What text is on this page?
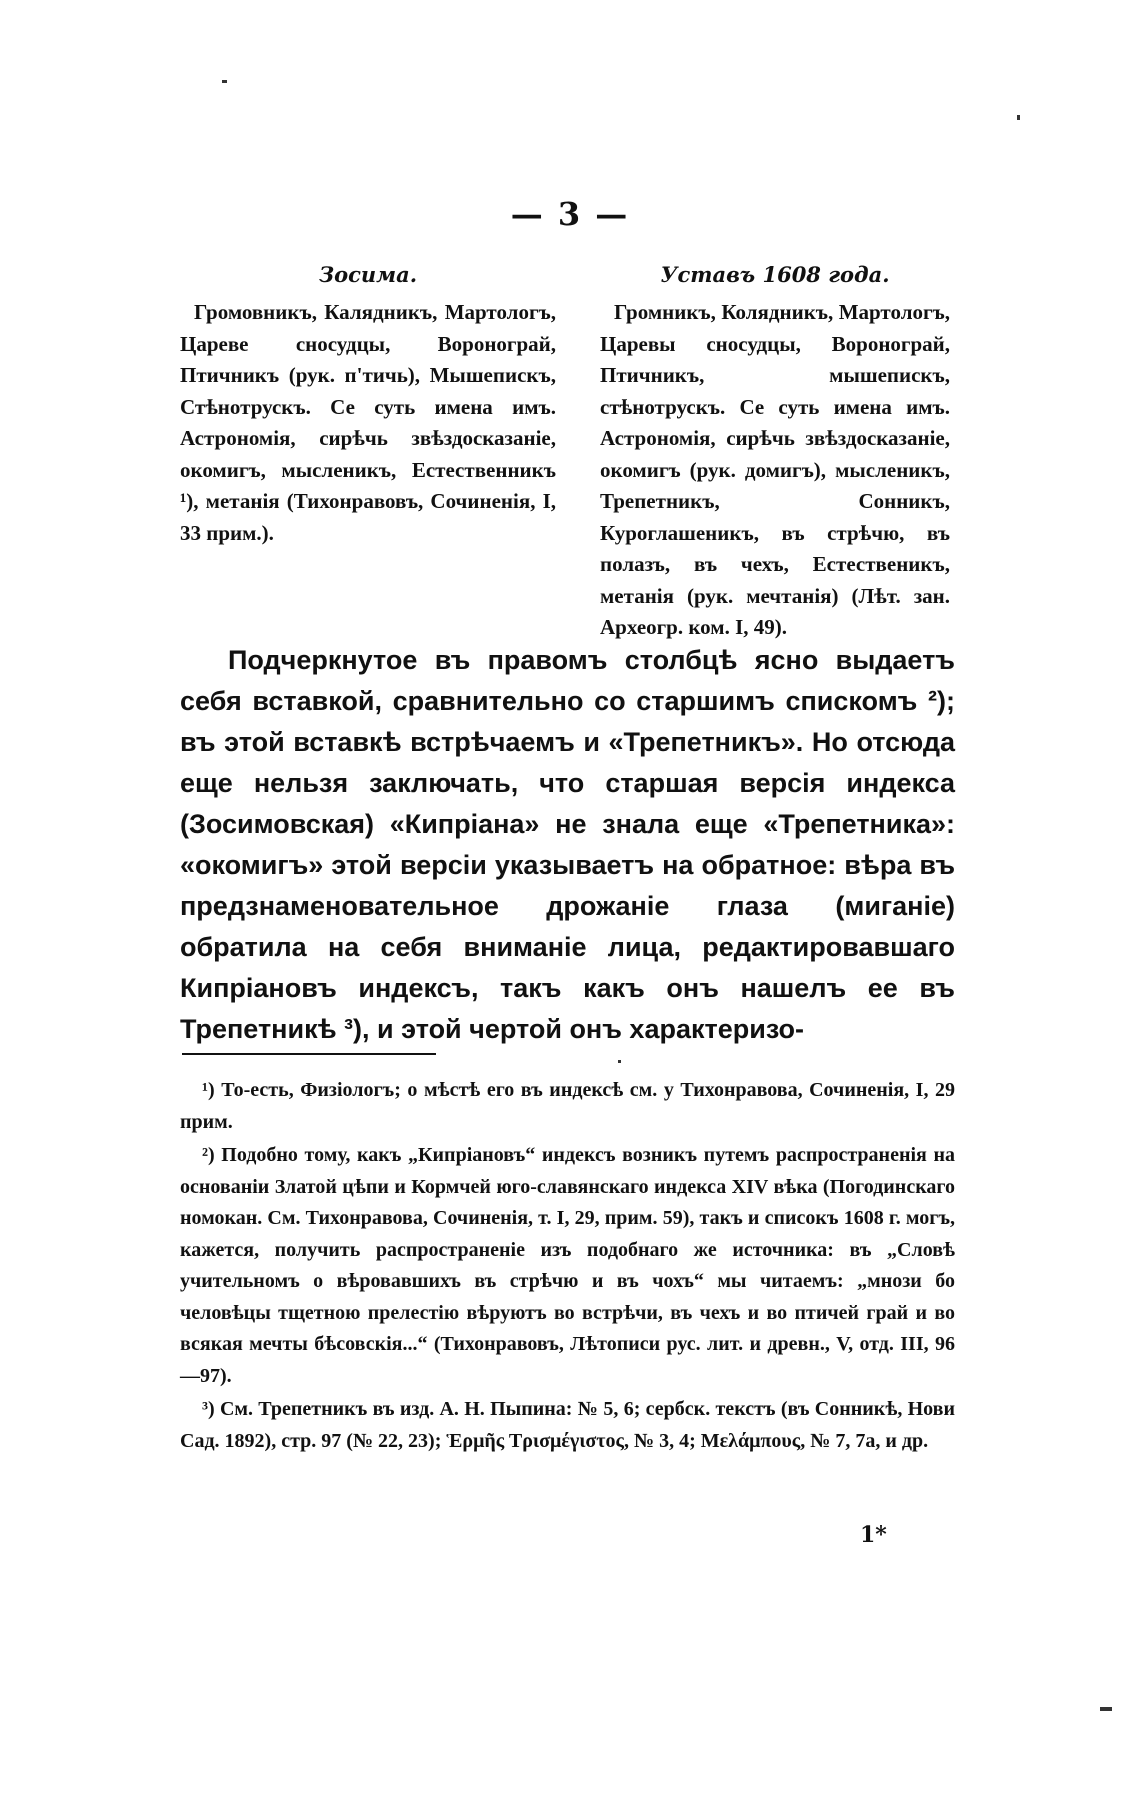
— 3 —
Зосима.
Громовникъ, Калядникъ, Мартологъ, Цареве сносудцы, Воронограй, Птичникъ (рук. п'тичь), Мышепискъ, Стѣнотрускъ. Се суть имена имъ. Астрономія, сирѣчь звѣздосказаніе, окомигъ, мысленикъ, Естественникъ ¹), метанія (Тихонравовъ, Сочиненія, I, 33 прим.).
Уставъ 1608 года.
Громникъ, Колядникъ, Мартологъ, Царевы сносудцы, Воронограй, Птичникъ, мышепискъ, стѣнотрускъ. Се суть имена имъ. Астрономія, сирѣчь звѣздосказаніе, окомигъ (рук. домигъ), мысленикъ, Трепетникъ, Сонникъ, Куроглашеникъ, въ стрѣчю, въ полазъ, въ чехъ, Естественикъ, метанія (рук. мечтанія) (Лѣт. зан. Археогр. ком. I, 49).
Подчеркнутое въ правомъ столбцѣ ясно выдаетъ себя вставкой, сравнительно со старшимъ спискомъ ²); въ этой вставкѣ встрѣчаемъ и «Трепетникъ». Но отсюда еще нельзя заключать, что старшая версія индекса (Зосимовская) «Кипріана» не знала еще «Трепетника»: «окомигъ» этой версіи указываетъ на обратное: вѣра въ предзнаменовательное дрожаніе глаза (миганіе) обратила на себя вниманіе лица, редактировавшаго Кипріановъ индексъ, такъ какъ онъ нашелъ ее въ Трепетникѣ ³), и этой чертой онъ характеризо-
¹) То-есть, Физіологъ; о мѣстѣ его въ индексѣ см. у Тихонравова, Сочиненія, I, 29 прим.
²) Подобно тому, какъ „Кипріановъ“ индексъ возникъ путемъ распространенія на основаніи Златой цѣпи и Кормчей юго-славянскаго индекса XIV вѣка (Погодинскаго номокан. См. Тихонравова, Сочиненія, т. I, 29, прим. 59), такъ и списокъ 1608 г. могъ, кажется, получить распространеніе изъ подобнаго же источника: въ „Словѣ учительномъ о вѣровавшихъ въ стрѣчю и въ чохъ“ мы читаемъ: „мнози бо человѣцы тщетною прелестію вѣруютъ во встрѣчи, въ чехъ и во птичей грай и во всякая мечты бѣсовскія...“ (Тихонравовъ, Лѣтописи рус. лит. и древн., V, отд. III, 96—97).
³) См. Трепетникъ въ изд. А. Н. Пыпина: № 5, 6; сербск. текстъ (въ Сонникѣ, Нови Сад. 1892), стр. 97 (№ 22, 23); Ἑρμῆς Τρισμέγιστος, № 3, 4; Μελάμπους, № 7, 7а, и др.
1*
